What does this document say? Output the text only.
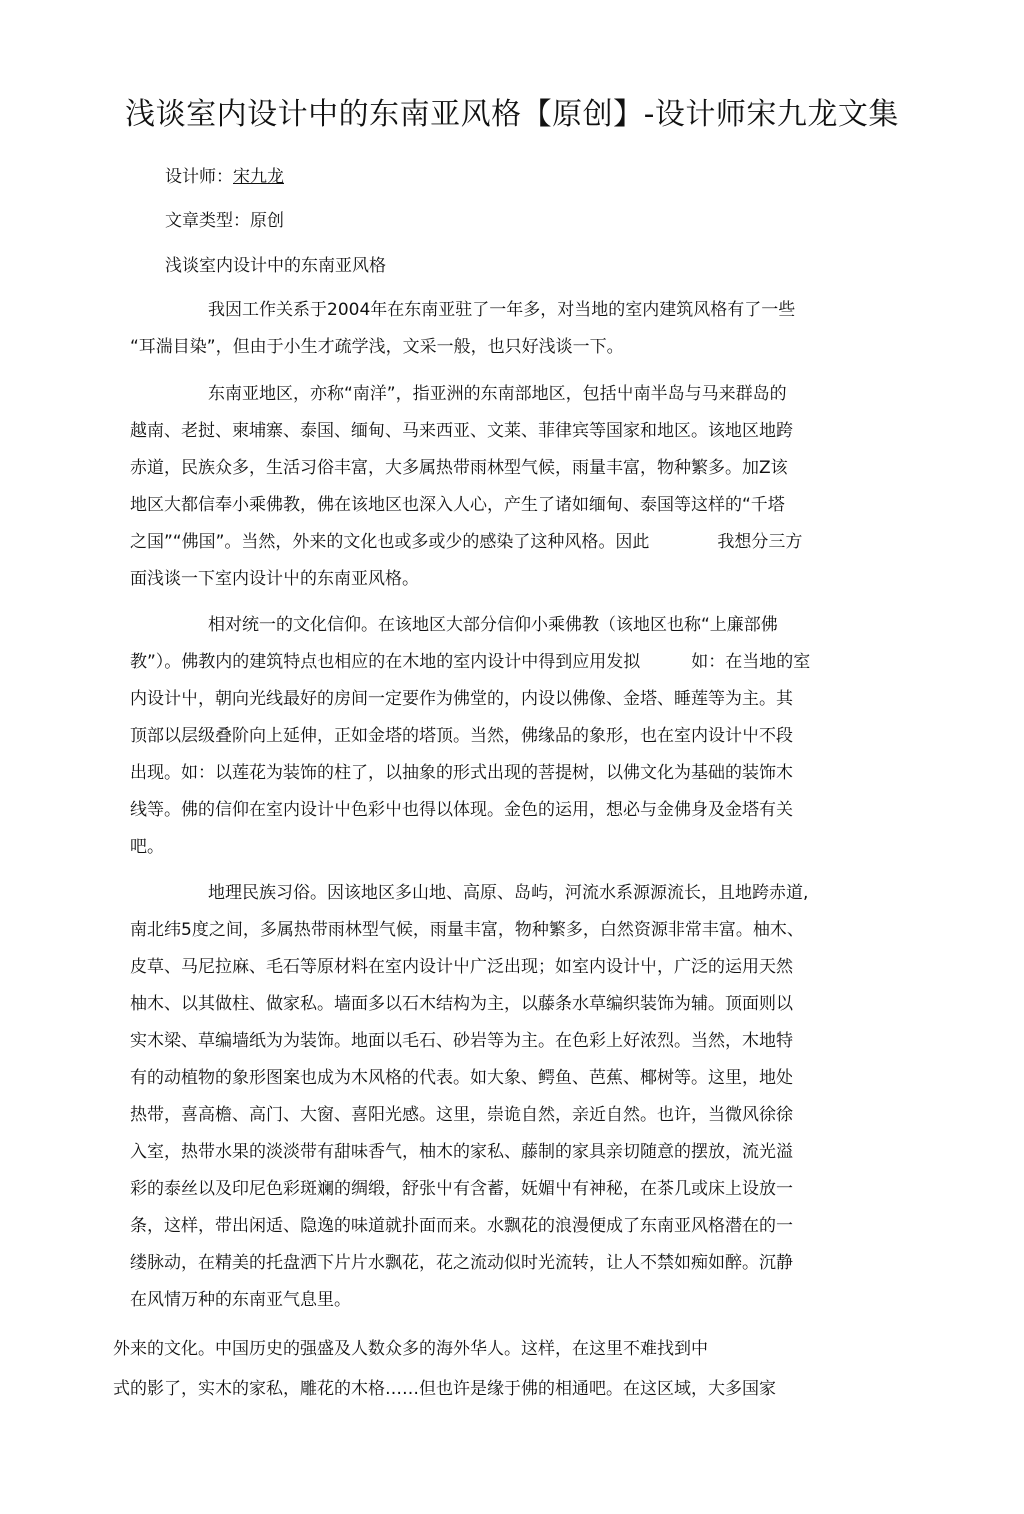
浅谈室内设计中的东南亚风格【原创】-设计师宋九龙文集
设计师：宋九龙
文章类型：原创
浅谈室内设计中的东南亚风格
我因工作关系于2004年在东南亚驻了一年多，对当地的室内建筑风格有了一些
“耳湍目染”，但由于小生才疏学浅，文采一般，也只好浅谈一下。
东南亚地区，亦称“南洋”，指亚洲的东南部地区，包括屮南半岛与马来群岛的
越南、老挝、柬埔寨、泰国、缅甸、马来西亚、文莱、菲律宾等国家和地区。该地区地跨
赤道，民族众多，生活习俗丰富，大多属热带雨林型气候，雨量丰富，物种繁多。加Z该
地区大都信奉小乘佛教，佛在该地区也深入人心，产生了诸如缅甸、泰国等这样的“千塔
之国”“佛国”。当然，外来的文化也或多或少的感染了这种风格。因此　　　　我想分三方
面浅谈一下室内设计屮的东南亚风格。
相对统一的文化信仰。在该地区大部分信仰小乘佛教（该地区也称“上廉部佛
教”）。佛教内的建筑特点也相应的在木地的室内设计中得到应用发拟　　　如：在当地的室
内设计屮，朝向光线最好的房间一定要作为佛堂的，内设以佛像、金塔、睡莲等为主。其
顶部以层级叠阶向上延伸，正如金塔的塔顶。当然，佛缘品的象形，也在室内设计屮不段
出现。如：以莲花为装饰的柱了，以抽象的形式出现的菩提树，以佛文化为基础的装饰木
线等。佛的信仰在室内设计屮色彩屮也得以体现。金色的运用，想必与金佛身及金塔有关
吧。
地理民族习俗。因该地区多山地、高原、岛屿，河流水系源源流长，且地跨赤道,
南北纬5度之间，多属热带雨林型气候，雨量丰富，物种繁多，白然资源非常丰富。柚木、
皮草、马尼拉麻、毛石等原材料在室内设计屮广泛出现；如室内设计屮，广泛的运用天然
柚木、以其做柱、做家私。墙面多以石木结构为主，以藤条水草编织装饰为辅。顶面则以
实木梁、草编墙纸为为装饰。地面以毛石、砂岩等为主。在色彩上好浓烈。当然，木地特
有的动植物的象形图案也成为木风格的代表。如大象、鳄鱼、芭蕉、椰树等。这里，地处
热带，喜高檐、高门、大窗、喜阳光感。这里，崇诡自然，亲近自然。也许，当微风徐徐
入室，热带水果的淡淡带有甜味香气，柚木的家私、藤制的家具亲切随意的摆放，流光溢
彩的泰丝以及印尼色彩斑斓的绸缎，舒张屮有含蓄，妩媚屮有神秘，在茶几或床上设放一
条，这样，带出闲适、隐逸的味道就扑面而来。水飘花的浪漫便成了东南亚风格潜在的一
缕脉动，在精美的托盘洒下片片水飘花，花之流动似时光流转，让人不禁如痴如醉。沉静
在风情万种的东南亚气息里。
外来的文化。中国历史的强盛及人数众多的海外华人。这样，在这里不难找到中
式的影了，实木的家私，雕花的木格……但也许是缘于佛的相通吧。在这区域，大多国家
